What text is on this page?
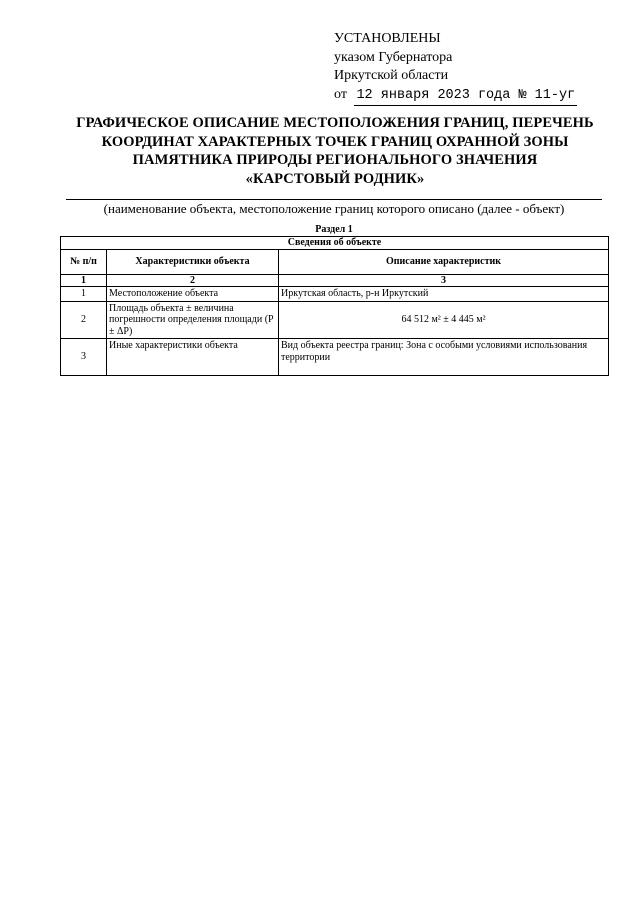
УСТАНОВЛЕНЫ
указом Губернатора
Иркутской области
от 12 января 2023 года № 11-уг
ГРАФИЧЕСКОЕ ОПИСАНИЕ МЕСТОПОЛОЖЕНИЯ ГРАНИЦ, ПЕРЕЧЕНЬ
КООРДИНАТ ХАРАКТЕРНЫХ ТОЧЕК ГРАНИЦ ОХРАННОЙ ЗОНЫ
ПАМЯТНИКА ПРИРОДЫ РЕГИОНАЛЬНОГО ЗНАЧЕНИЯ
«КАРСТОВЫЙ РОДНИК»
(наименование объекта, местоположение границ которого описано (далее - объект)
Раздел 1
Сведения об объекте		
№ п/п	Характеристики объекта	Описание характеристик
1	2	3
1	Местоположение объекта	Иркутская область, р-н Иркутский
2	Площадь объекта ± величина погрешности определения площади (P ± ΔP)	64 512 м² ± 4 445 м²
3	Иные характеристики объекта	Вид объекта реестра границ: Зона с особыми условиями использования территории
